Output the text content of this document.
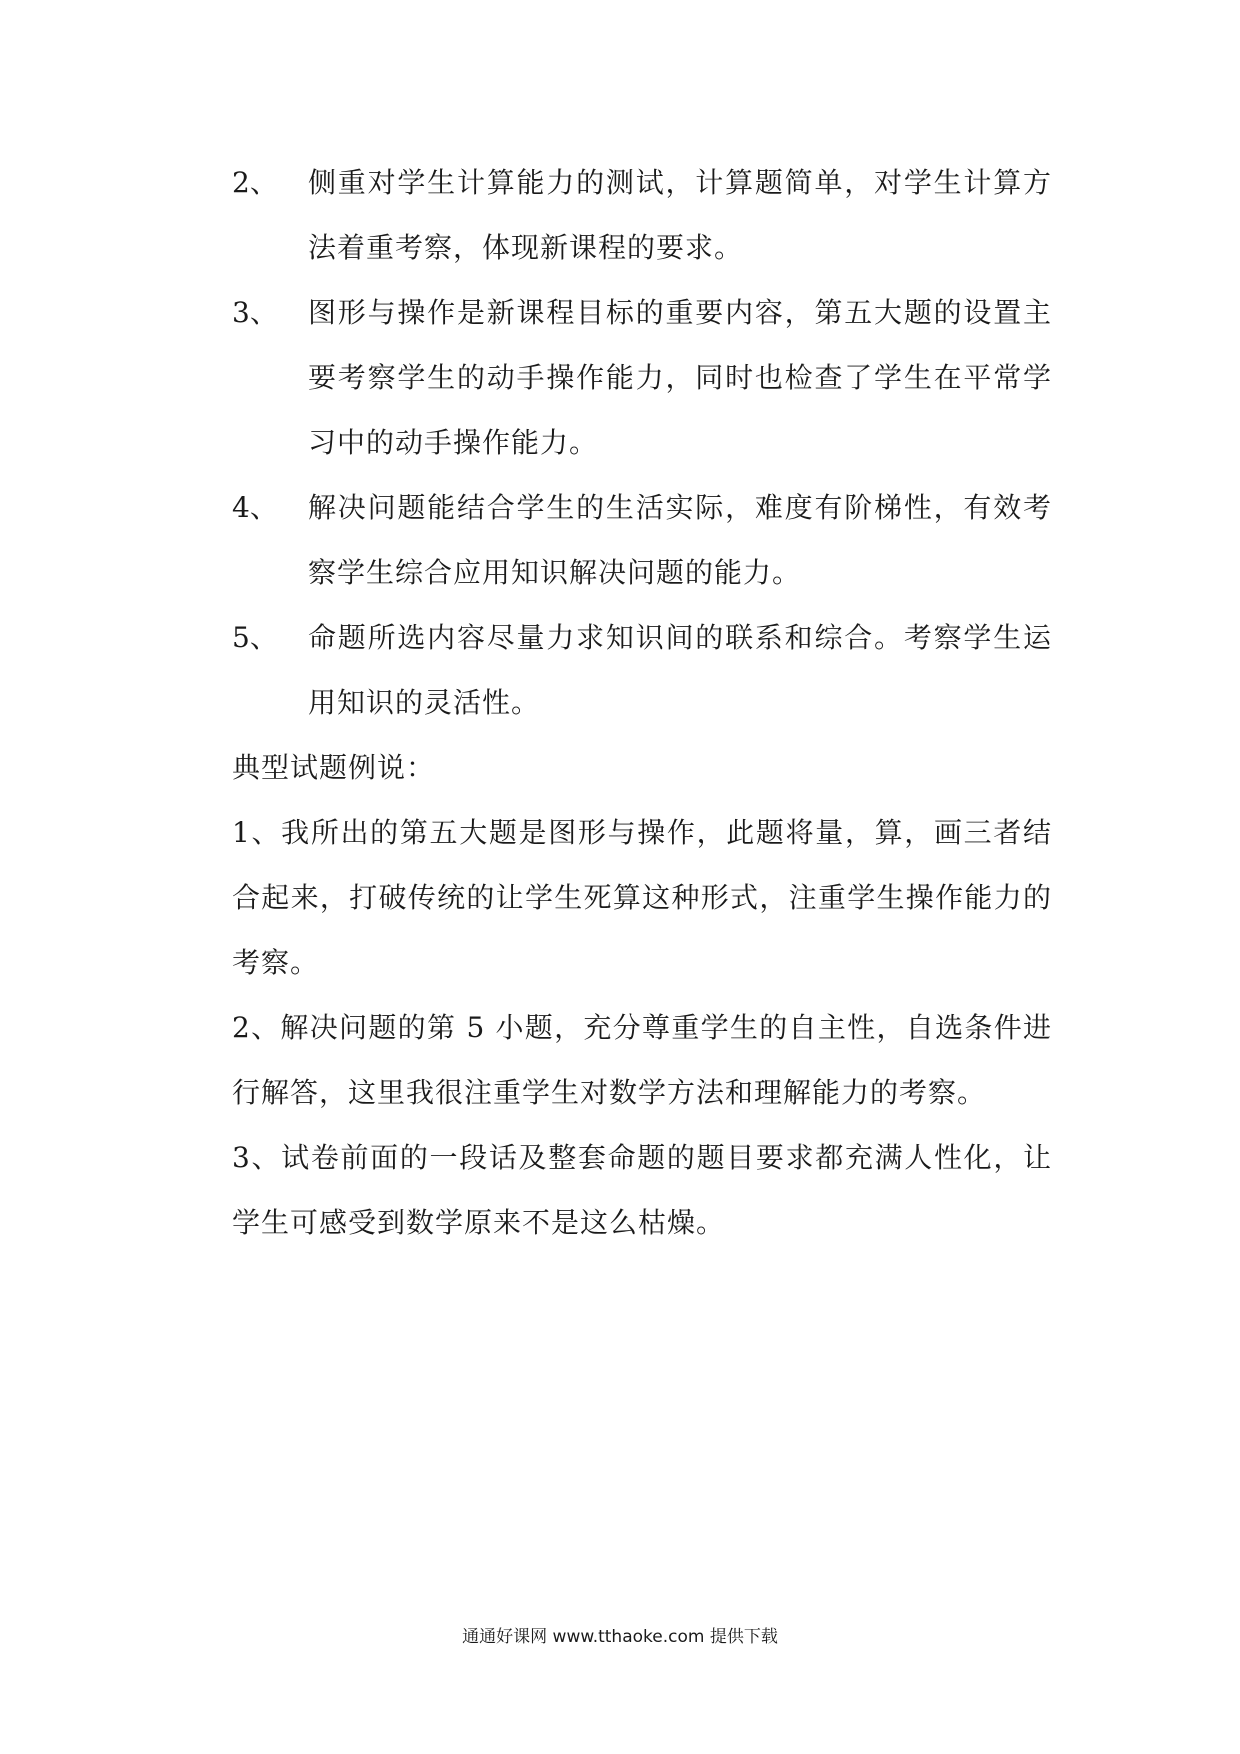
2、	侧重对学生计算能力的测试，计算题简单，对学生计算方法着重考察，体现新课程的要求。
3、	图形与操作是新课程目标的重要内容，第五大题的设置主要考察学生的动手操作能力，同时也检查了学生在平常学习中的动手操作能力。
4、	解决问题能结合学生的生活实际，难度有阶梯性，有效考察学生综合应用知识解决问题的能力。
5、	命题所选内容尽量力求知识间的联系和综合。考察学生运用知识的灵活性。
典型试题例说：
1、我所出的第五大题是图形与操作，此题将量，算，画三者结合起来，打破传统的让学生死算这种形式，注重学生操作能力的考察。
2、解决问题的第 5 小题，充分尊重学生的自主性，自选条件进行解答，这里我很注重学生对数学方法和理解能力的考察。
3、试卷前面的一段话及整套命题的题目要求都充满人性化，让学生可感受到数学原来不是这么枯燥。
通通好课网 www.tthaoke.com 提供下载
